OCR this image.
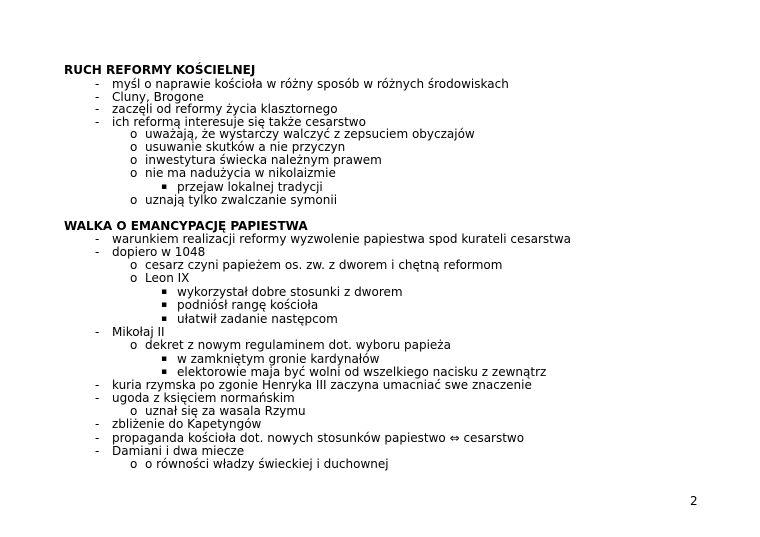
RUCH REFORMY KOŚCIELNEJ
- myśl o naprawie kościoła w różny sposób w różnych środowiskach
- Cluny, Brogone
- zaczęli od reformy życia klasztornego
- ich reformą interesuje się także cesarstwo
o uważają, że wystarczy walczyć z zepsuciem obyczajów
o usuwanie skutków a nie przyczyn
o inwestytura świecka należnym prawem
o nie ma nadużycia w nikolaizmie
▪ przejaw lokalnej tradycji
o uznają tylko zwalczanie symonii
WALKA O EMANCYPACJĘ PAPIESTWA
- warunkiem realizacji reformy wyzwolenie papiestwa spod kurateli cesarstwa
- dopiero w 1048
o cesarz czyni papieżem os. zw. z dworem i chętną reformom
o Leon IX
▪ wykorzystał dobre stosunki z dworem
▪ podniósł rangę kościoła
▪ ułatwił zadanie następcom
- Mikołaj II
o dekret z nowym regulaminem dot. wyboru papieża
▪ w zamkniętym gronie kardynałów
▪ elektorowie maja być wolni od wszelkiego nacisku z zewnątrz
- kuria rzymska po zgonie Henryka III zaczyna umacniać swe znaczenie
- ugoda z księciem normańskim
o uznał się za wasala Rzymu
- zbliżenie do Kapetyngów
- propaganda kościoła dot. nowych stosunków papiestwo ⇔ cesarstwo
- Damiani i dwa miecze
o o równości władzy świeckiej i duchownej
2
